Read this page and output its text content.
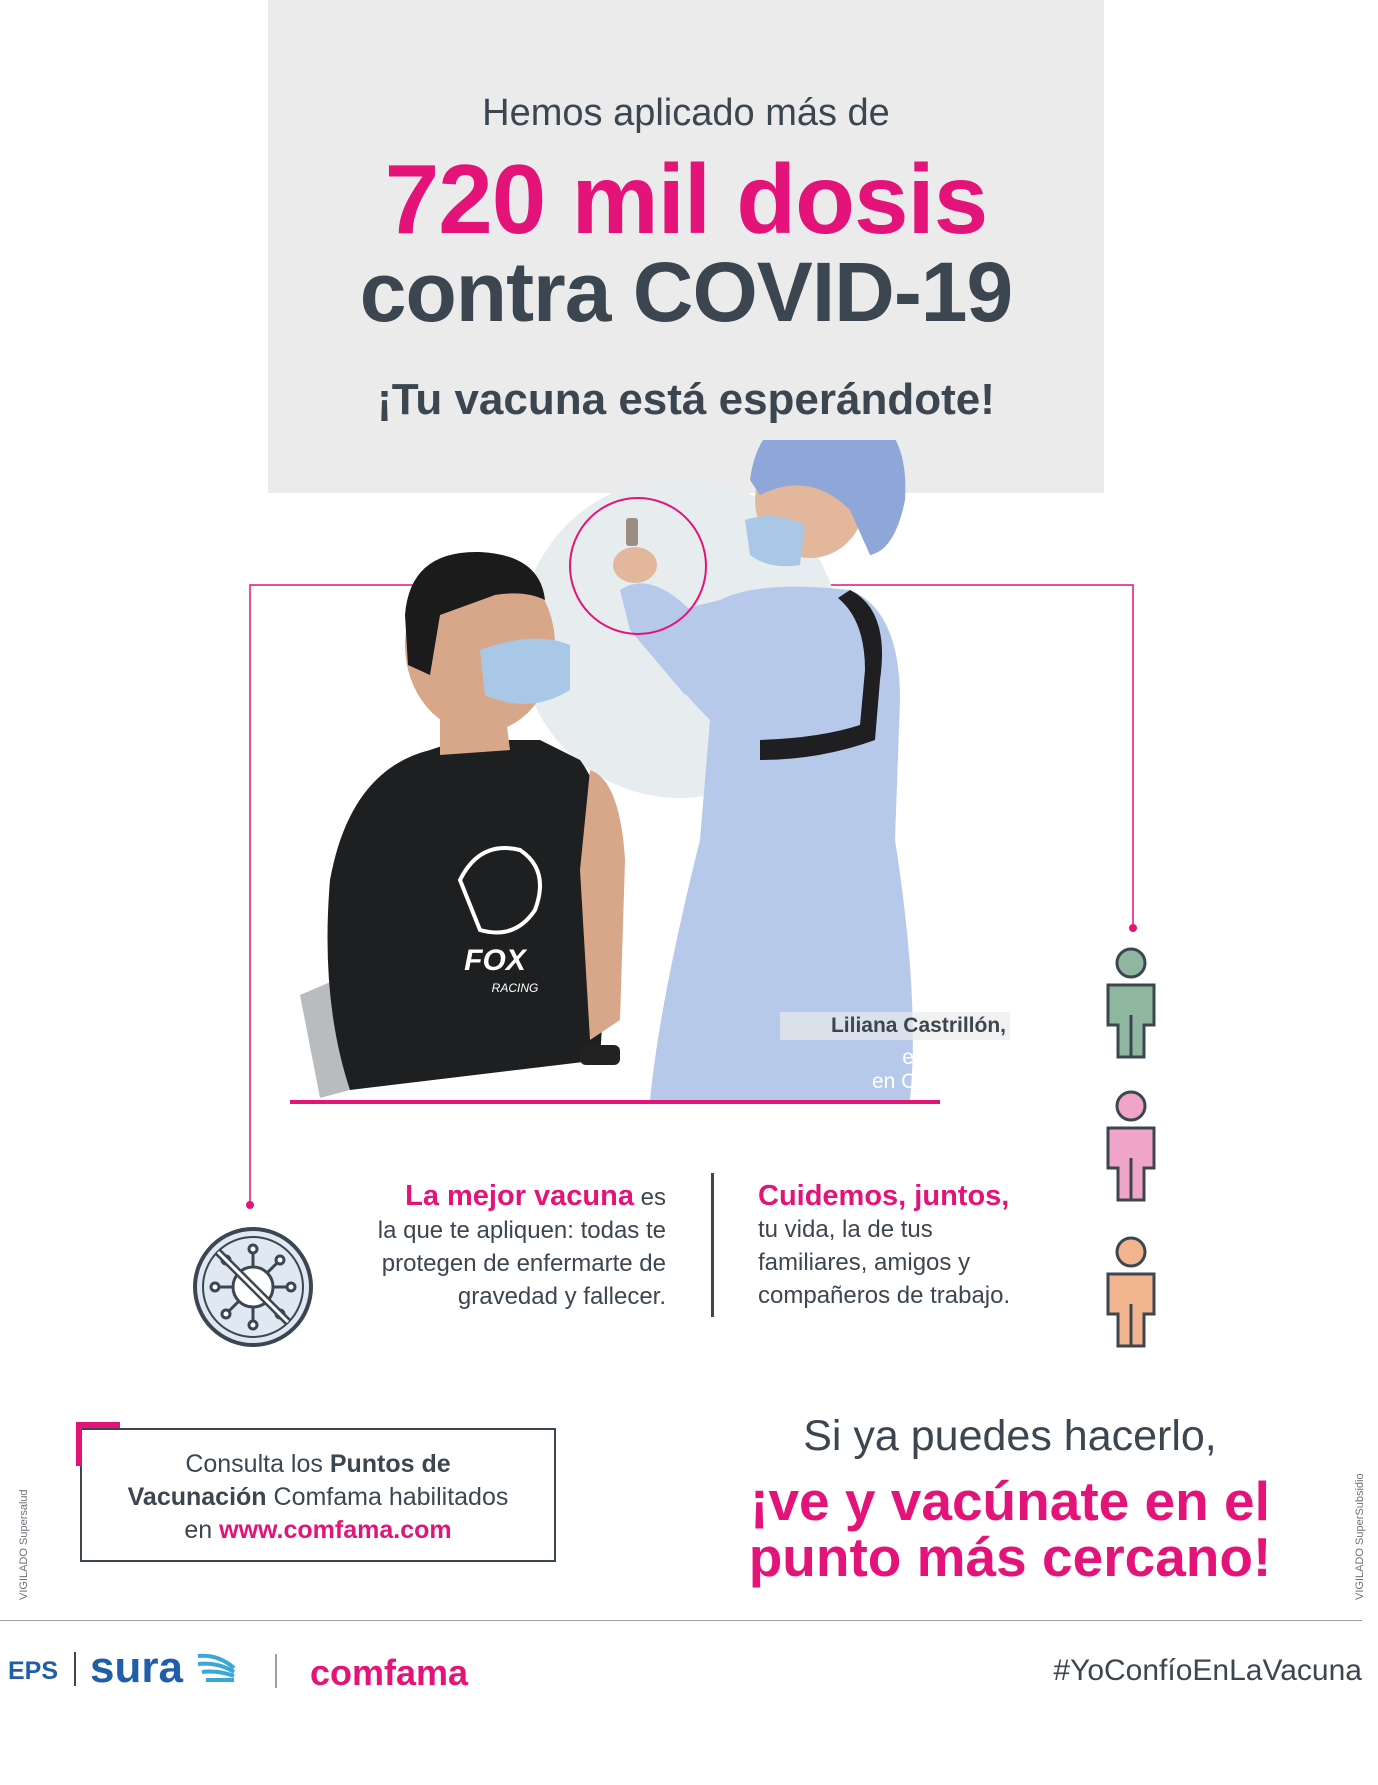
Hemos aplicado más de
720 mil dosis
contra COVID-19
¡Tu vacuna está esperándote!
FOX
RACING
Liliana Castrillón,
enfermera
en Comfama.
La mejor vacuna es
la que te apliquen: todas te
protegen de enfermarte de
gravedad y fallecer.
Cuidemos, juntos,
tu vida, la de tus
familiares, amigos y
compañeros de trabajo.
Consulta los Puntos de
Vacunación Comfama habilitados
en www.comfama.com
Si ya puedes hacerlo,
¡ve y vacúnate en el
punto más cercano!
VIGILADO Supersalud	VIGILADO SuperSubsidio
EPS sura	comfama	#YoConfíoEnLaVacuna
